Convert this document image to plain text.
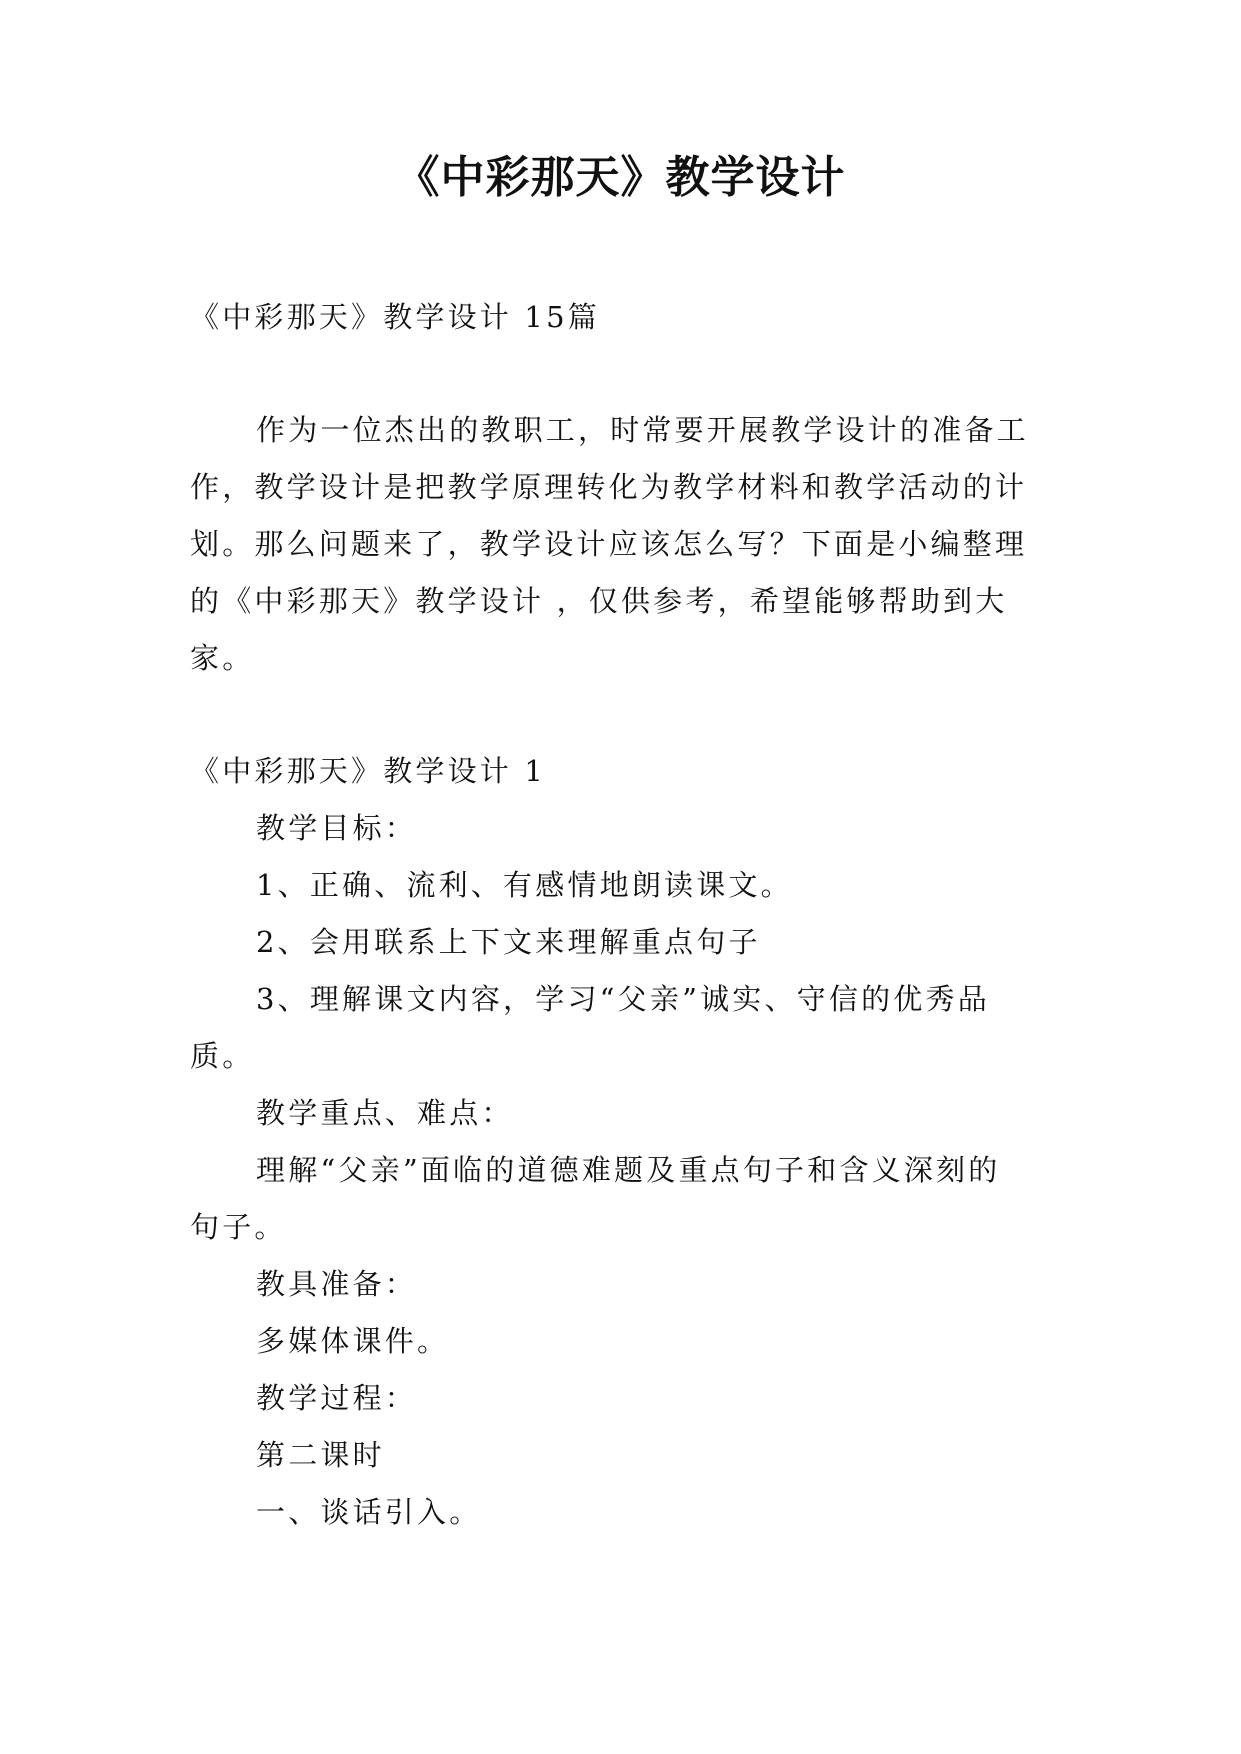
《中彩那天》教学设计
《中彩那天》教学设计 15篇
作为一位杰出的教职工，时常要开展教学设计的准备工
作，教学设计是把教学原理转化为教学材料和教学活动的计
划。那么问题来了，教学设计应该怎么写？下面是小编整理
的《中彩那天》教学设计 ，仅供参考，希望能够帮助到大
家。
《中彩那天》教学设计 1
教学目标：
1、正确、流利、有感情地朗读课文。
2、会用联系上下文来理解重点句子
3、理解课文内容，学习“父亲”诚实、守信的优秀品
质。
教学重点、难点：
理解“父亲”面临的道德难题及重点句子和含义深刻的
句子。
教具准备：
多媒体课件。
教学过程：
第二课时
一、谈话引入。
